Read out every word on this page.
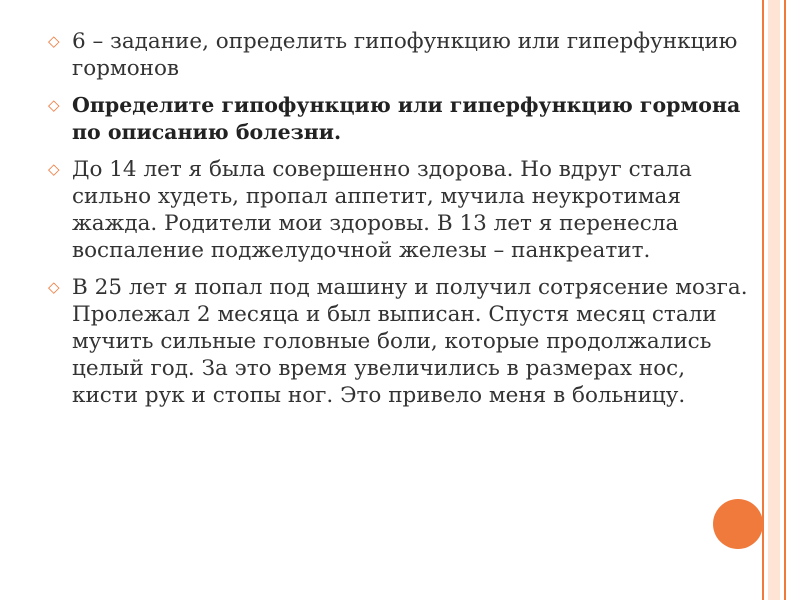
◇ 6 – задание, определить гипофункцию или гиперфункцию гормонов
◇ Определите гипофункцию или гиперфункцию гормона по описанию болезни.
◇ До 14 лет я была совершенно здорова. Но вдруг стала сильно худеть, пропал аппетит, мучила неукротимая жажда. Родители мои здоровы. В 13 лет я перенесла воспаление поджелудочной железы – панкреатит.
◇ В 25 лет я попал под машину и получил сотрясение мозга. Пролежал 2 месяца и был выписан. Спустя месяц стали мучить сильные головные боли, которые продолжались целый год. За это время увеличились в размерах нос, кисти рук и стопы ног. Это привело меня в больницу.
